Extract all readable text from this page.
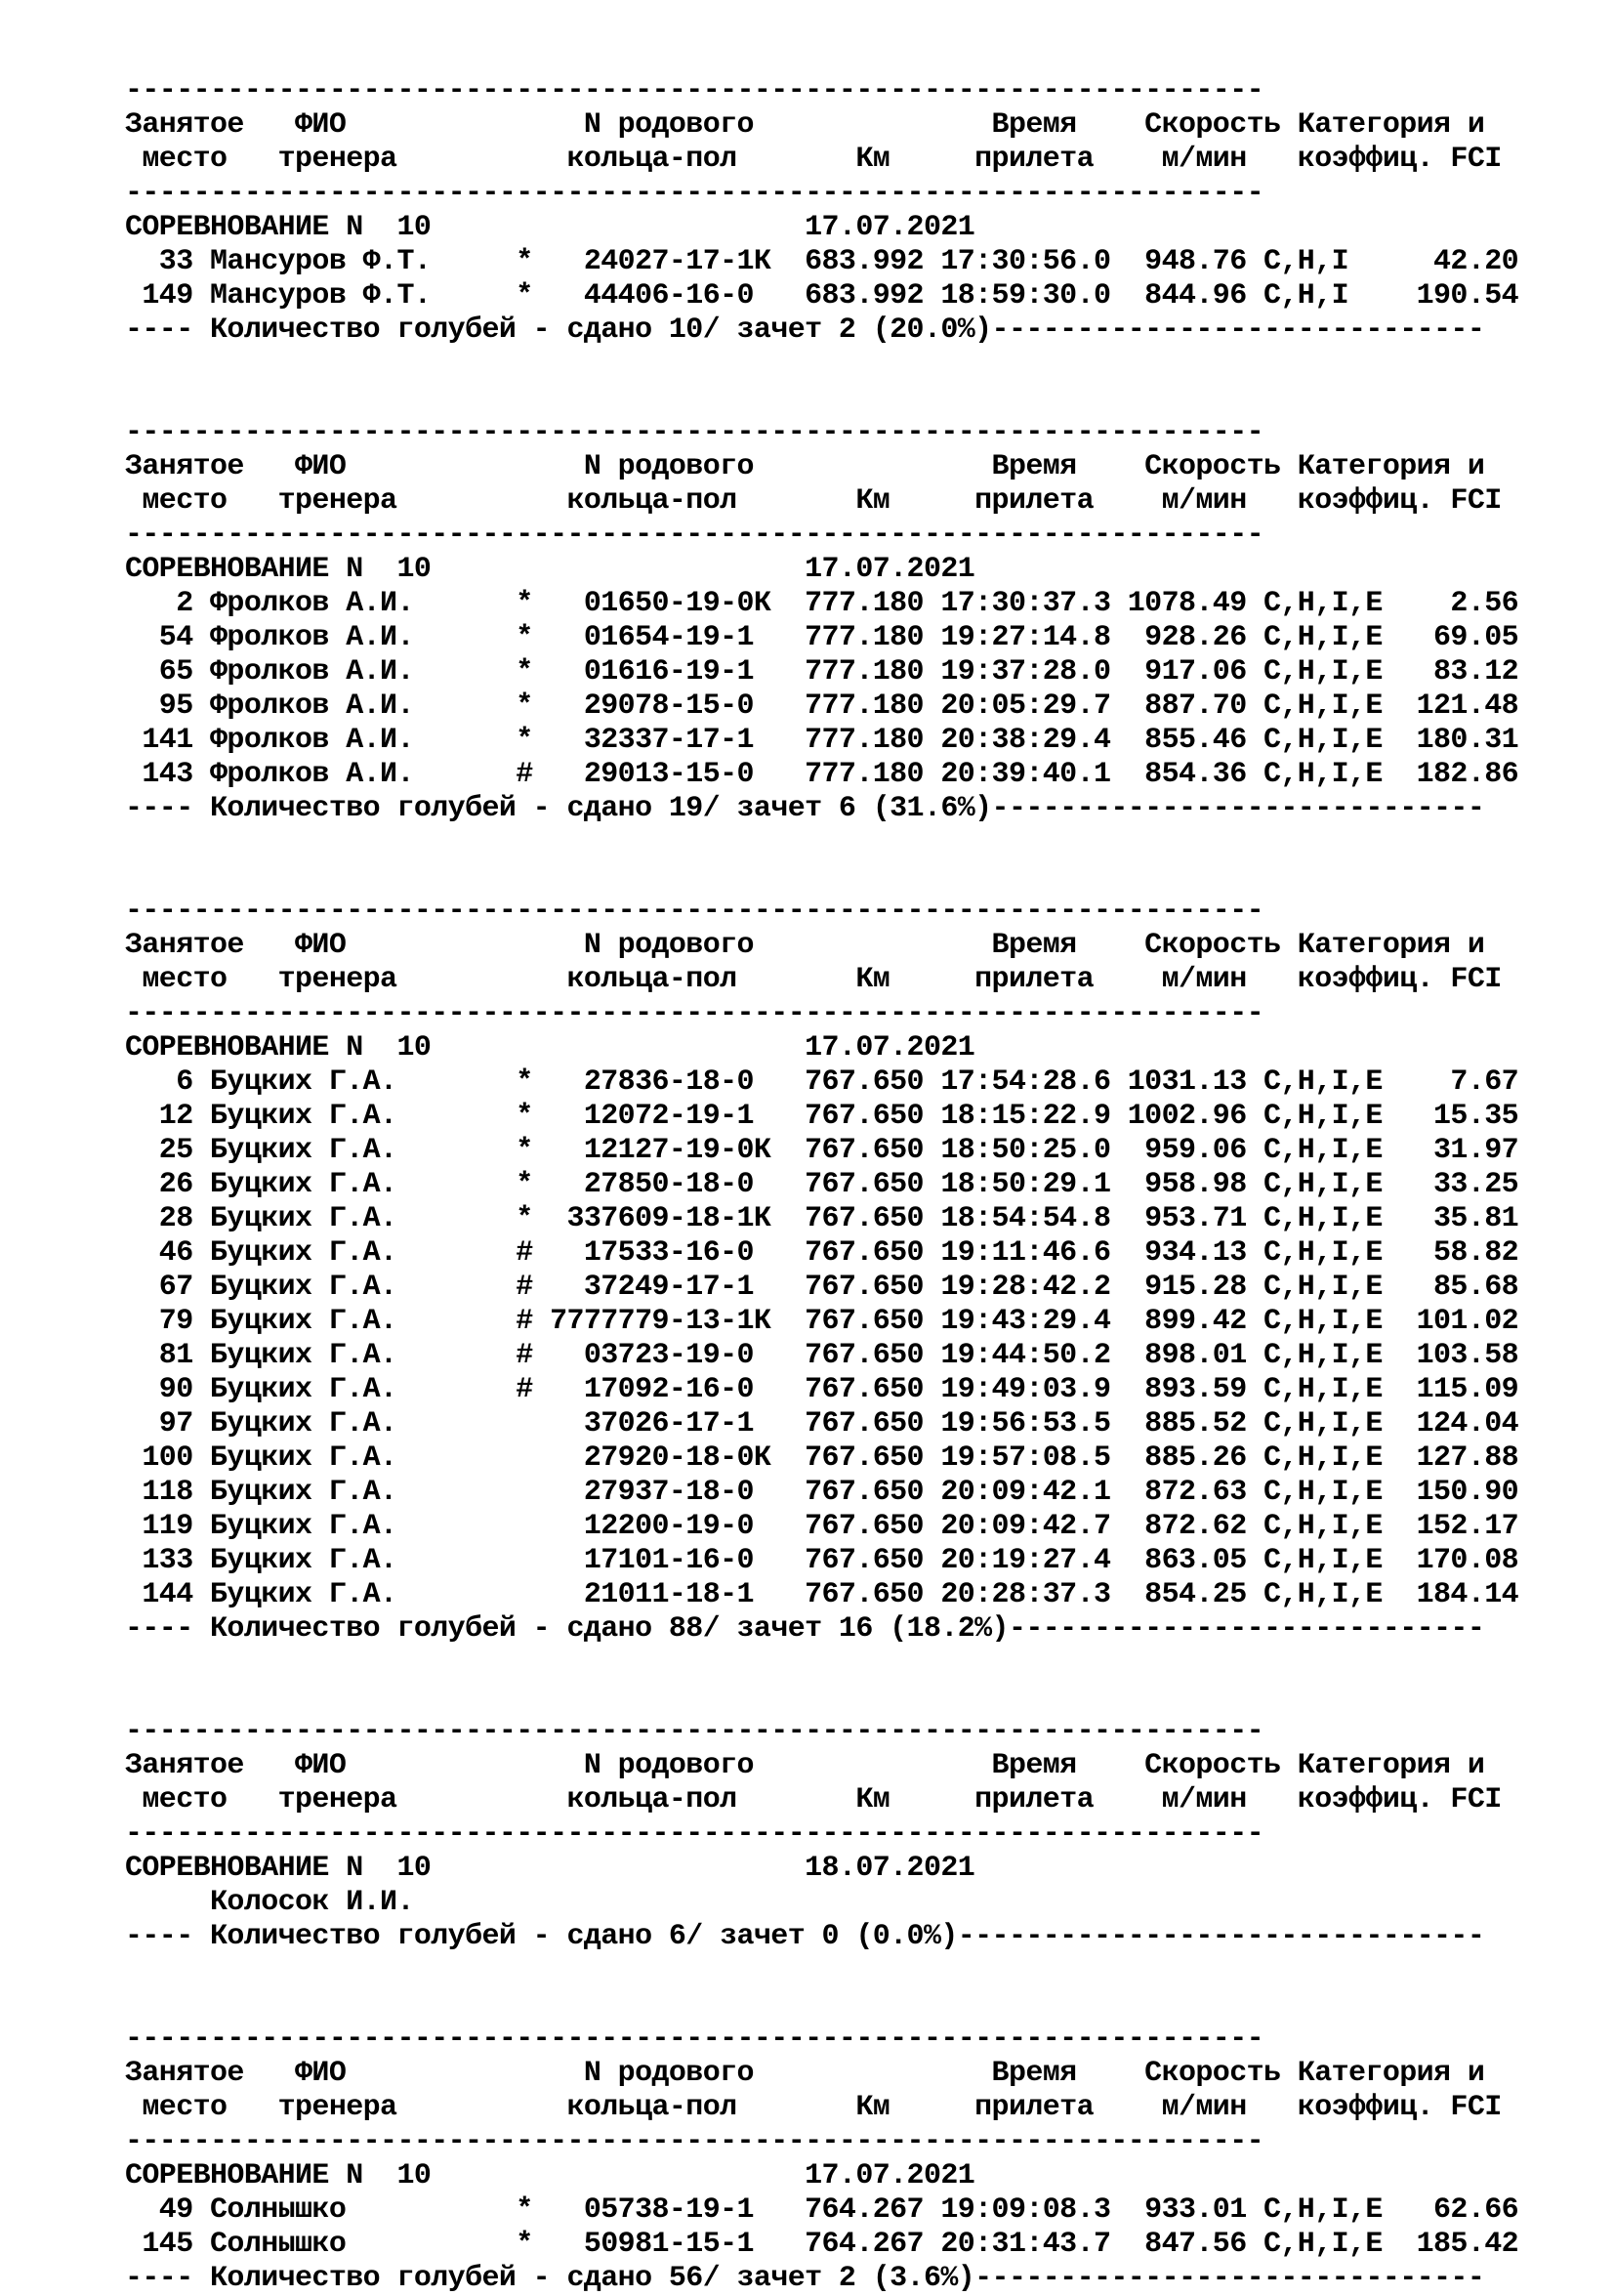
-------------------------------------------------------------------
Занятое   ФИО              N родового              Время    Скорость Категория и
место   тренера          кольца-пол       Км     прилета    м/мин   коэффиц. FCI
-------------------------------------------------------------------
СОРЕВНОВАНИЕ N  10                      17.07.2021
33 Мансуров Ф.Т.     *   24027-17-1К  683.992 17:30:56.0  948.76 C,H,I     42.20
149 Мансуров Ф.Т.     *   44406-16-0   683.992 18:59:30.0  844.96 C,H,I    190.54
---- Количество голубей - сдано 10/ зачет 2 (20.0%)-----------------------------
-------------------------------------------------------------------
Занятое   ФИО              N родового              Время    Скорость Категория и
место   тренера          кольца-пол       Км     прилета    м/мин   коэффиц. FCI
-------------------------------------------------------------------
СОРЕВНОВАНИЕ N  10                      17.07.2021
2 Фролков А.И.      *   01650-19-0К  777.180 17:30:37.3 1078.49 C,H,I,E    2.56
54 Фролков А.И.      *   01654-19-1   777.180 19:27:14.8  928.26 C,H,I,E   69.05
65 Фролков А.И.      *   01616-19-1   777.180 19:37:28.0  917.06 C,H,I,E   83.12
95 Фролков А.И.      *   29078-15-0   777.180 20:05:29.7  887.70 C,H,I,E  121.48
141 Фролков А.И.      *   32337-17-1   777.180 20:38:29.4  855.46 C,H,I,E  180.31
143 Фролков А.И.      #   29013-15-0   777.180 20:39:40.1  854.36 C,H,I,E  182.86
---- Количество голубей - сдано 19/ зачет 6 (31.6%)-----------------------------
-------------------------------------------------------------------
Занятое   ФИО              N родового              Время    Скорость Категория и
место   тренера          кольца-пол       Км     прилета    м/мин   коэффиц. FCI
-------------------------------------------------------------------
СОРЕВНОВАНИЕ N  10                      17.07.2021
6 Буцких Г.А.       *   27836-18-0   767.650 17:54:28.6 1031.13 C,H,I,E    7.67
12 Буцких Г.А.       *   12072-19-1   767.650 18:15:22.9 1002.96 C,H,I,E   15.35
25 Буцких Г.А.       *   12127-19-0К  767.650 18:50:25.0  959.06 C,H,I,E   31.97
26 Буцких Г.А.       *   27850-18-0   767.650 18:50:29.1  958.98 C,H,I,E   33.25
28 Буцких Г.А.       *  337609-18-1К  767.650 18:54:54.8  953.71 C,H,I,E   35.81
46 Буцких Г.А.       #   17533-16-0   767.650 19:11:46.6  934.13 C,H,I,E   58.82
67 Буцких Г.А.       #   37249-17-1   767.650 19:28:42.2  915.28 C,H,I,E   85.68
79 Буцких Г.А.       # 7777779-13-1К  767.650 19:43:29.4  899.42 C,H,I,E  101.02
81 Буцких Г.А.       #   03723-19-0   767.650 19:44:50.2  898.01 C,H,I,E  103.58
90 Буцких Г.А.       #   17092-16-0   767.650 19:49:03.9  893.59 C,H,I,E  115.09
97 Буцких Г.А.           37026-17-1   767.650 19:56:53.5  885.52 C,H,I,E  124.04
100 Буцких Г.А.           27920-18-0К  767.650 19:57:08.5  885.26 C,H,I,E  127.88
118 Буцких Г.А.           27937-18-0   767.650 20:09:42.1  872.63 C,H,I,E  150.90
119 Буцких Г.А.           12200-19-0   767.650 20:09:42.7  872.62 C,H,I,E  152.17
133 Буцких Г.А.           17101-16-0   767.650 20:19:27.4  863.05 C,H,I,E  170.08
144 Буцких Г.А.           21011-18-1   767.650 20:28:37.3  854.25 C,H,I,E  184.14
---- Количество голубей - сдано 88/ зачет 16 (18.2%)----------------------------
-------------------------------------------------------------------
Занятое   ФИО              N родового              Время    Скорость Категория и
место   тренера          кольца-пол       Км     прилета    м/мин   коэффиц. FCI
-------------------------------------------------------------------
СОРЕВНОВАНИЕ N  10                      18.07.2021
Колосок И.И.
---- Количество голубей - сдано 6/ зачет 0 (0.0%)-------------------------------
-------------------------------------------------------------------
Занятое   ФИО              N родового              Время    Скорость Категория и
место   тренера          кольца-пол       Км     прилета    м/мин   коэффиц. FCI
-------------------------------------------------------------------
СОРЕВНОВАНИЕ N  10                      17.07.2021
49 Солнышко          *   05738-19-1   764.267 19:09:08.3  933.01 C,H,I,E   62.66
145 Солнышко          *   50981-15-1   764.267 20:31:43.7  847.56 C,H,I,E  185.42
---- Количество голубей - сдано 56/ зачет 2 (3.6%)------------------------------
